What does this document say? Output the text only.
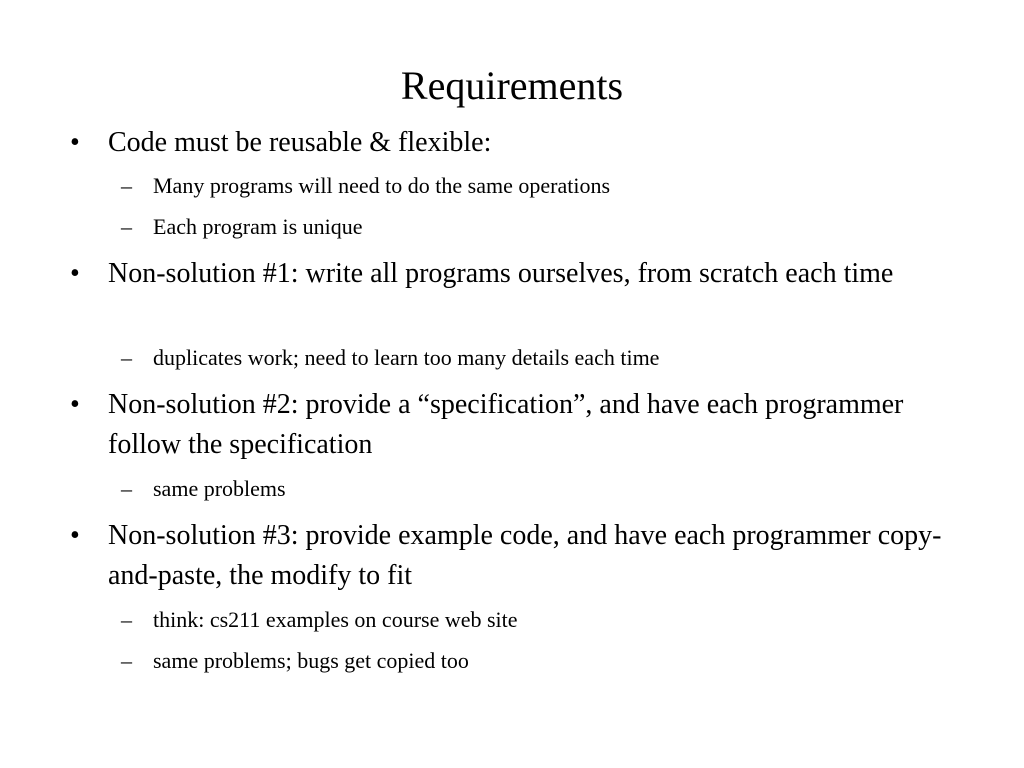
Requirements
•	Code must be reusable & flexible:
– Many programs will need to do the same operations
– Each program is unique
•	Non-solution #1: write all programs ourselves, from scratch each time
– duplicates work; need to learn too many details each time
•	Non-solution #2: provide a “specification”, and have each programmer follow the specification
– same problems
•	Non-solution #3: provide example code, and have each programmer copy-and-paste, the modify to fit
– think: cs211 examples on course web site
– same problems; bugs get copied too
